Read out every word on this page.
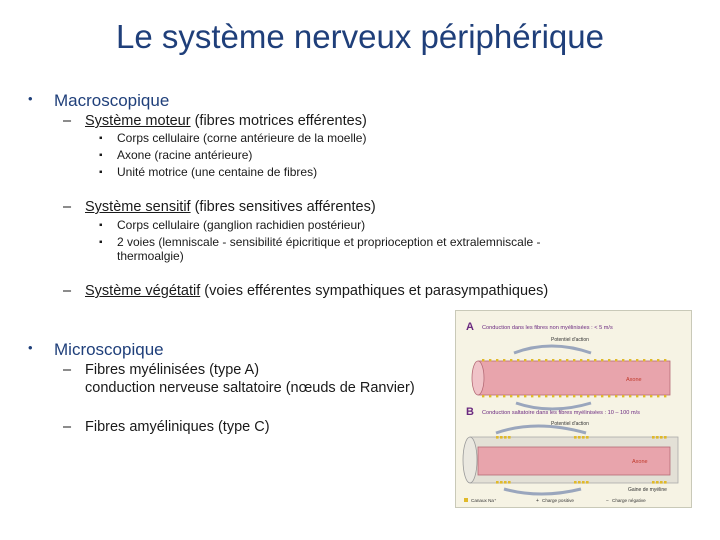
Le système nerveux périphérique
• Macroscopique
– Système moteur (fibres motrices efférentes)
▪ Corps cellulaire (corne antérieure de la moelle)
▪ Axone (racine antérieure)
▪ Unité motrice (une centaine de fibres)
– Système sensitif (fibres sensitives afférentes)
▪ Corps cellulaire (ganglion rachidien postérieur)
▪ 2 voies (lemniscale - sensibilité épicritique et proprioception et extralemniscale -
thermoalgie)
– Système végétatif (voies efférentes sympathiques et parasympathiques)
• Microscopique
– Fibres myélinisées (type A)
conduction nerveuse saltatoire (nœuds de Ranvier)
– Fibres amyéliniques (type C)
A Conduction dans les fibres non myélinisées : < 5 m/s
Potentiel d'action
Axone
B Conduction saltatoire dans les fibres myélinisées : 10 – 100 m/s
Potentiel d'action
Axone
Gaine de myéline
Canaux Na⁺	+ Charge positive	− Charge négative
